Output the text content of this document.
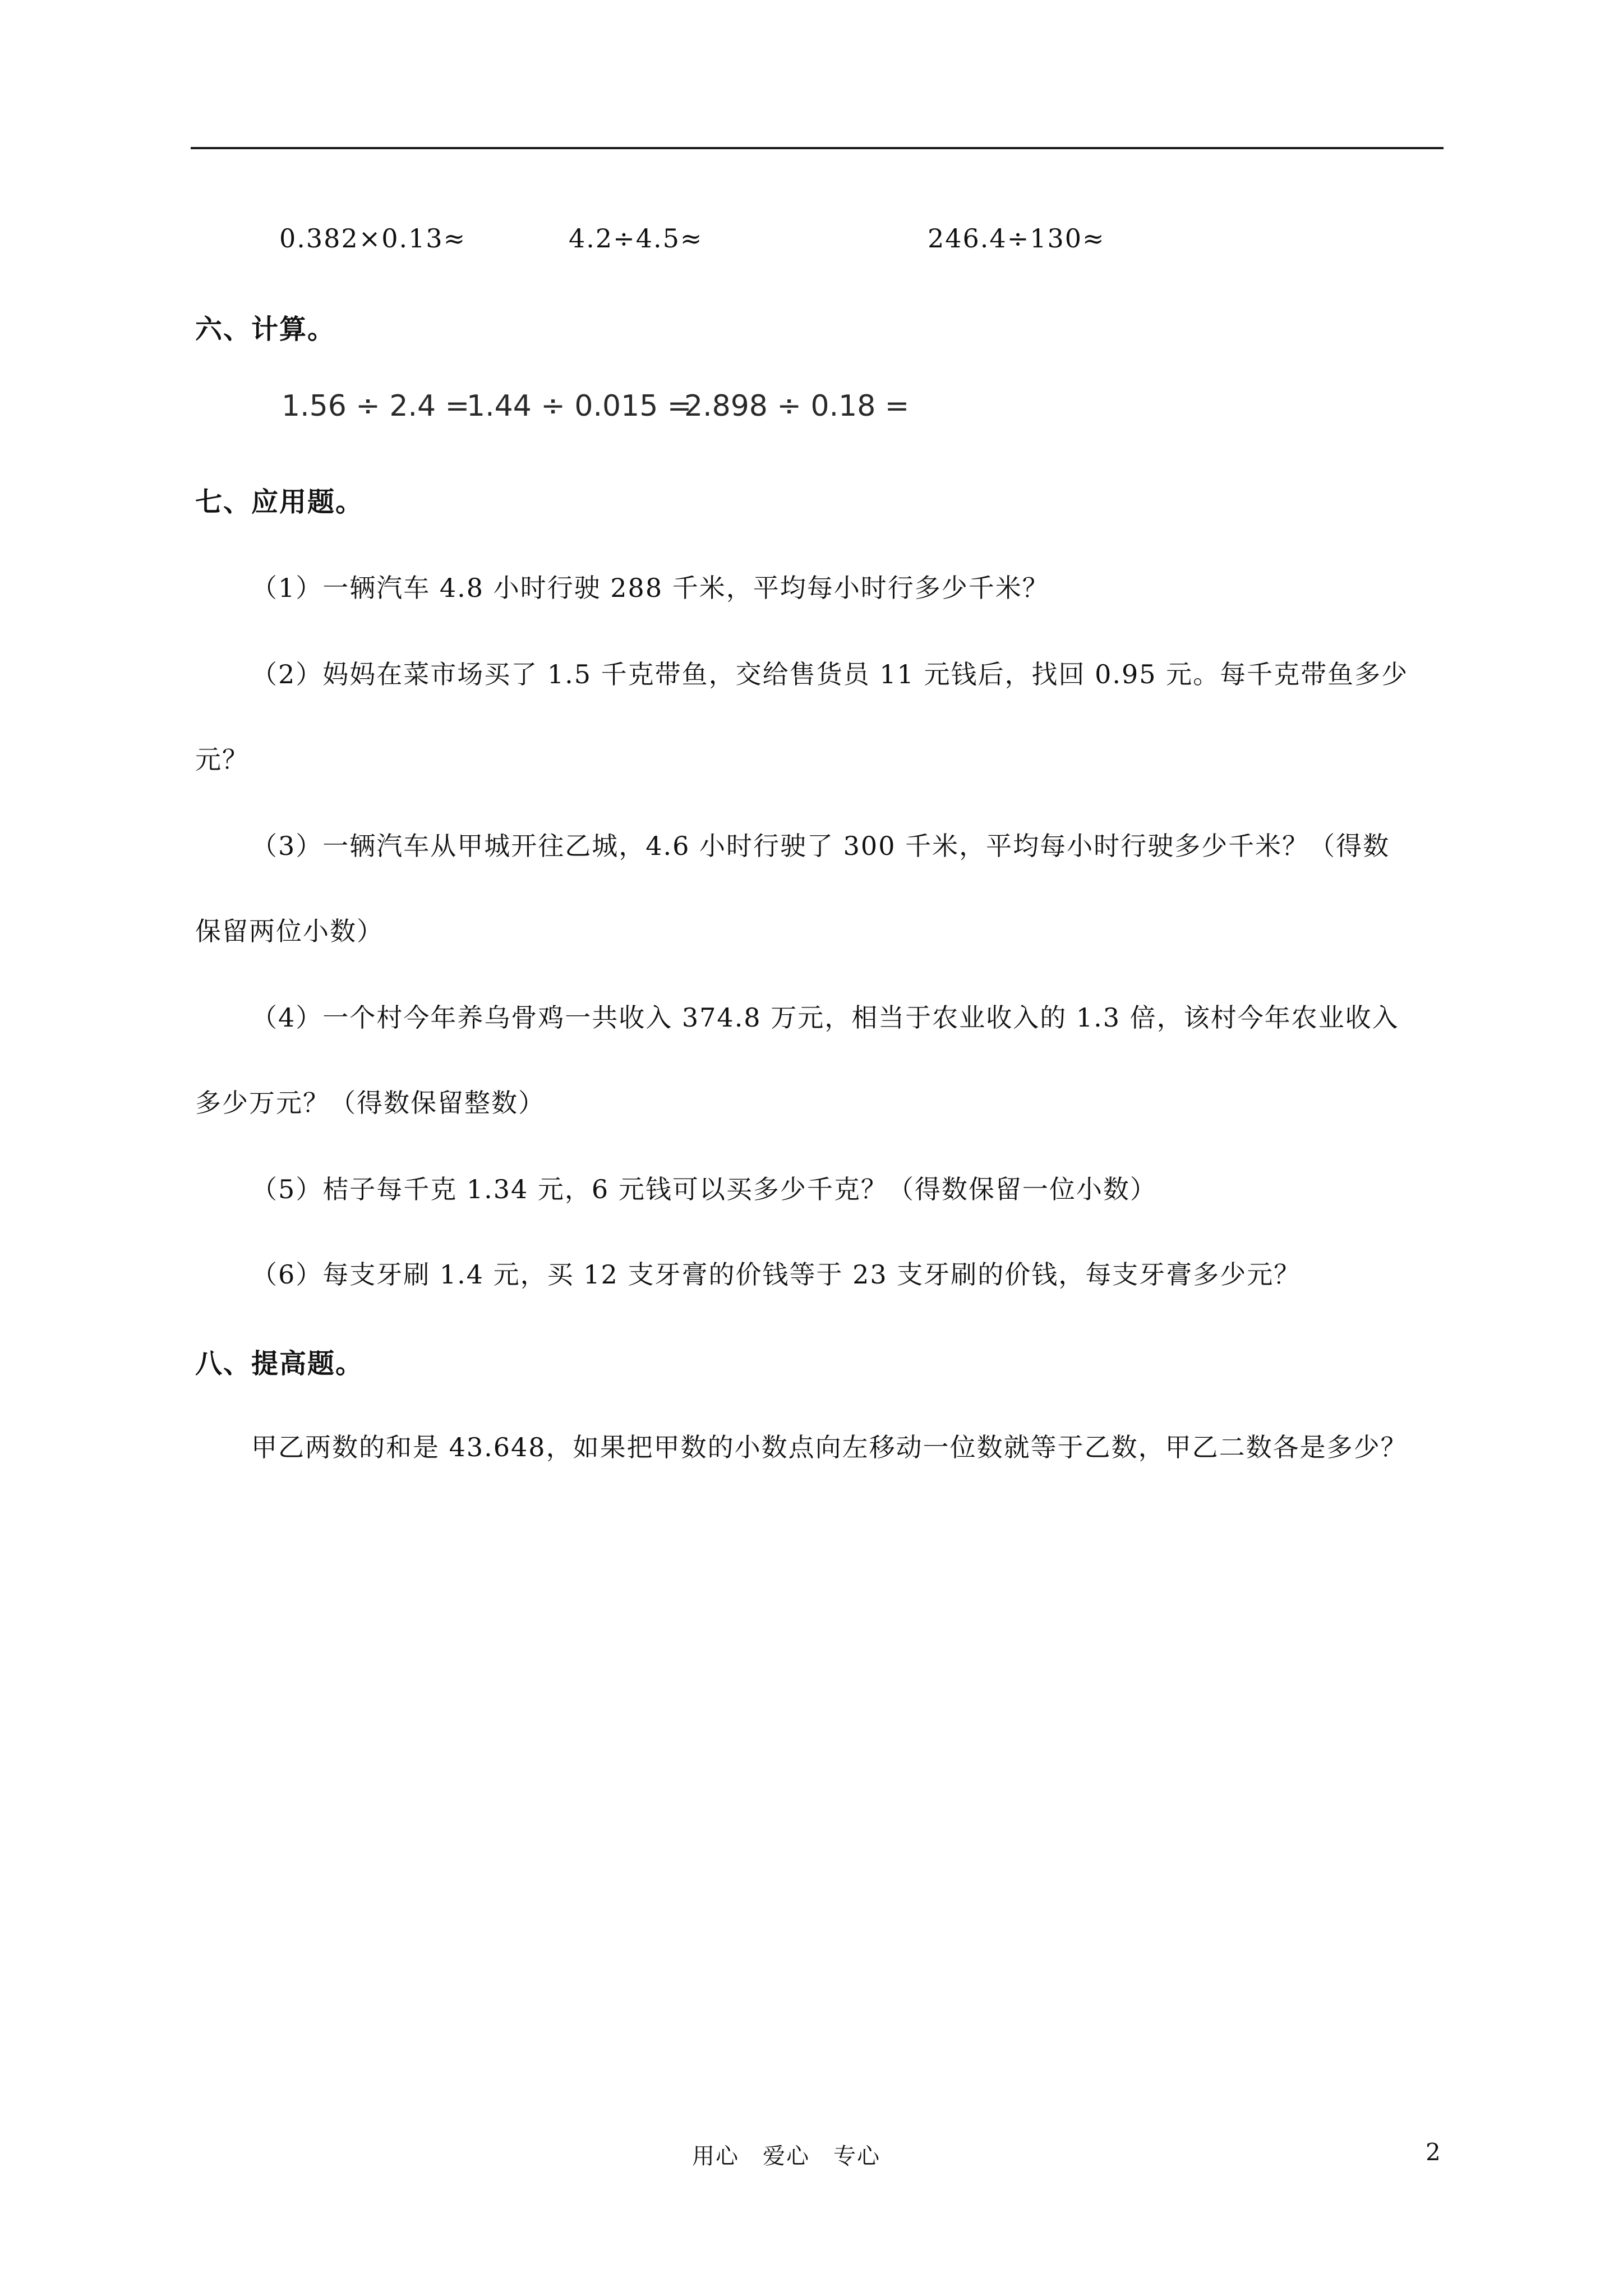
0.382×0.13≈	4.2÷4.5≈	246.4÷130≈
六、计算。
1.56 ÷ 2.4 =
1.44 ÷ 0.015 =
2.898 ÷ 0.18 =
七、应用题。
（1）一辆汽车 4.8 小时行驶 288 千米，平均每小时行多少千米？
（2）妈妈在菜市场买了 1.5 千克带鱼，交给售货员 11 元钱后，找回 0.95 元。每千克带鱼多少
元？
（3）一辆汽车从甲城开往乙城，4.6 小时行驶了 300 千米，平均每小时行驶多少千米？（得数
保留两位小数）
（4）一个村今年养乌骨鸡一共收入 374.8 万元，相当于农业收入的 1.3 倍，该村今年农业收入
多少万元？（得数保留整数）
（5）桔子每千克 1.34 元，6 元钱可以买多少千克？（得数保留一位小数）
（6）每支牙刷 1.4 元，买 12 支牙膏的价钱等于 23 支牙刷的价钱，每支牙膏多少元？
八、提高题。
甲乙两数的和是 43.648，如果把甲数的小数点向左移动一位数就等于乙数，甲乙二数各是多少？
用心　爱心　专心	2
